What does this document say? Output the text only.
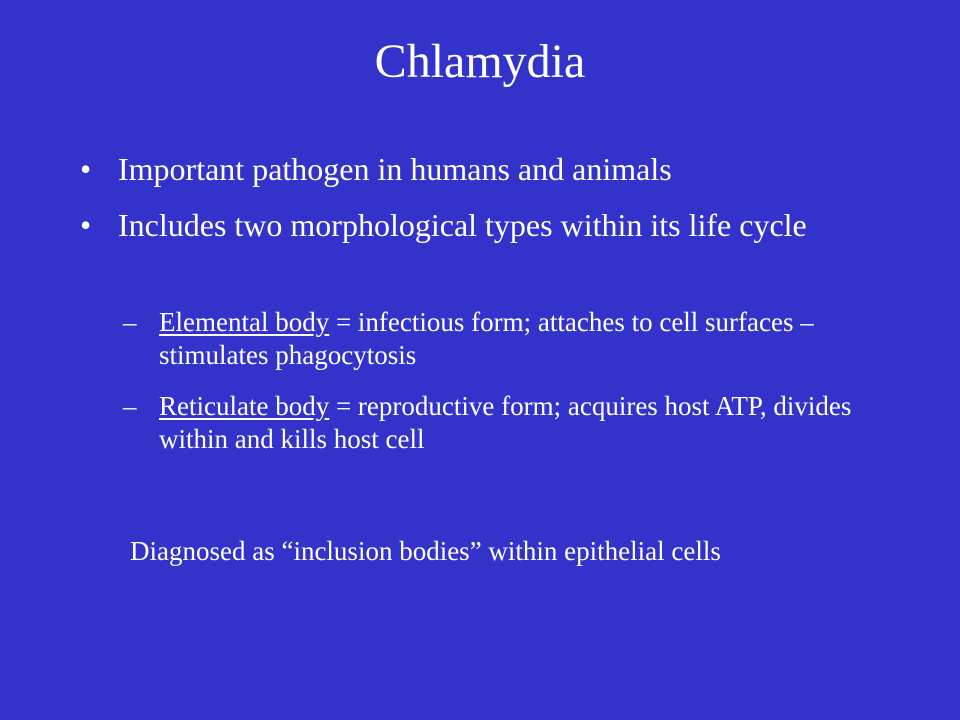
Chlamydia
• Important pathogen in humans and animals
• Includes two morphological types within its life cycle
– Elemental body = infectious form; attaches to cell surfaces – stimulates phagocytosis
– Reticulate body = reproductive form; acquires host ATP, divides within and kills host cell
Diagnosed as “inclusion bodies” within epithelial cells
